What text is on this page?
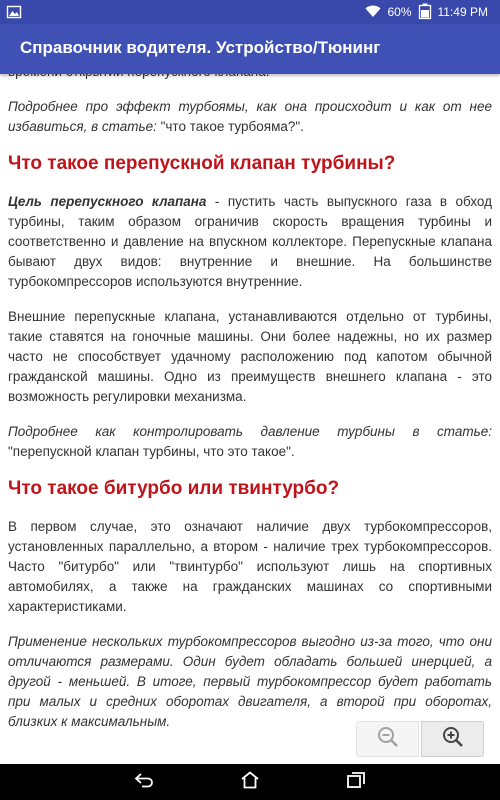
60% 11:49 PM
Справочник водителя. Устройство/Тюнинг
Подробнее про эффект турбоямы, как она происходит и как от нее избавиться, в статье: "что такое турбояма?".
Что такое перепускной клапан турбины?
Цель перепускного клапана - пустить часть выпускного газа в обход турбины, таким образом ограничив скорость вращения турбины и соответственно и давление на впускном коллекторе. Перепускные клапана бывают двух видов: внутренние и внешние. На большинстве турбокомпрессоров используются внутренние.
Внешние перепускные клапана, устанавливаются отдельно от турбины, такие ставятся на гоночные машины. Они более надежны, но их размер часто не способствует удачному расположению под капотом обычной гражданской машины. Одно из преимуществ внешнего клапана - это возможность регулировки механизма.
Подробнее как контролировать давление турбины в статье: "перепускной клапан турбины, что это такое".
Что такое битурбо или твинтурбо?
В первом случае, это означают наличие двух турбокомпрессоров, установленных параллельно, а втором - наличие трех турбокомпрессоров. Часто "битурбо" или "твинтурбо" используют лишь на спортивных автомобилях, а также на гражданских машинах со спортивными характеристиками.
Применение нескольких турбокомпрессоров выгодно из-за того, что они отличаются размерами. Один будет обладать большей инерцией, а другой - меньшей. В итоге, первый турбокомпрессор будет работать при малых и средних оборотах двигателя, а второй при оборотах, близких к максимальным.
